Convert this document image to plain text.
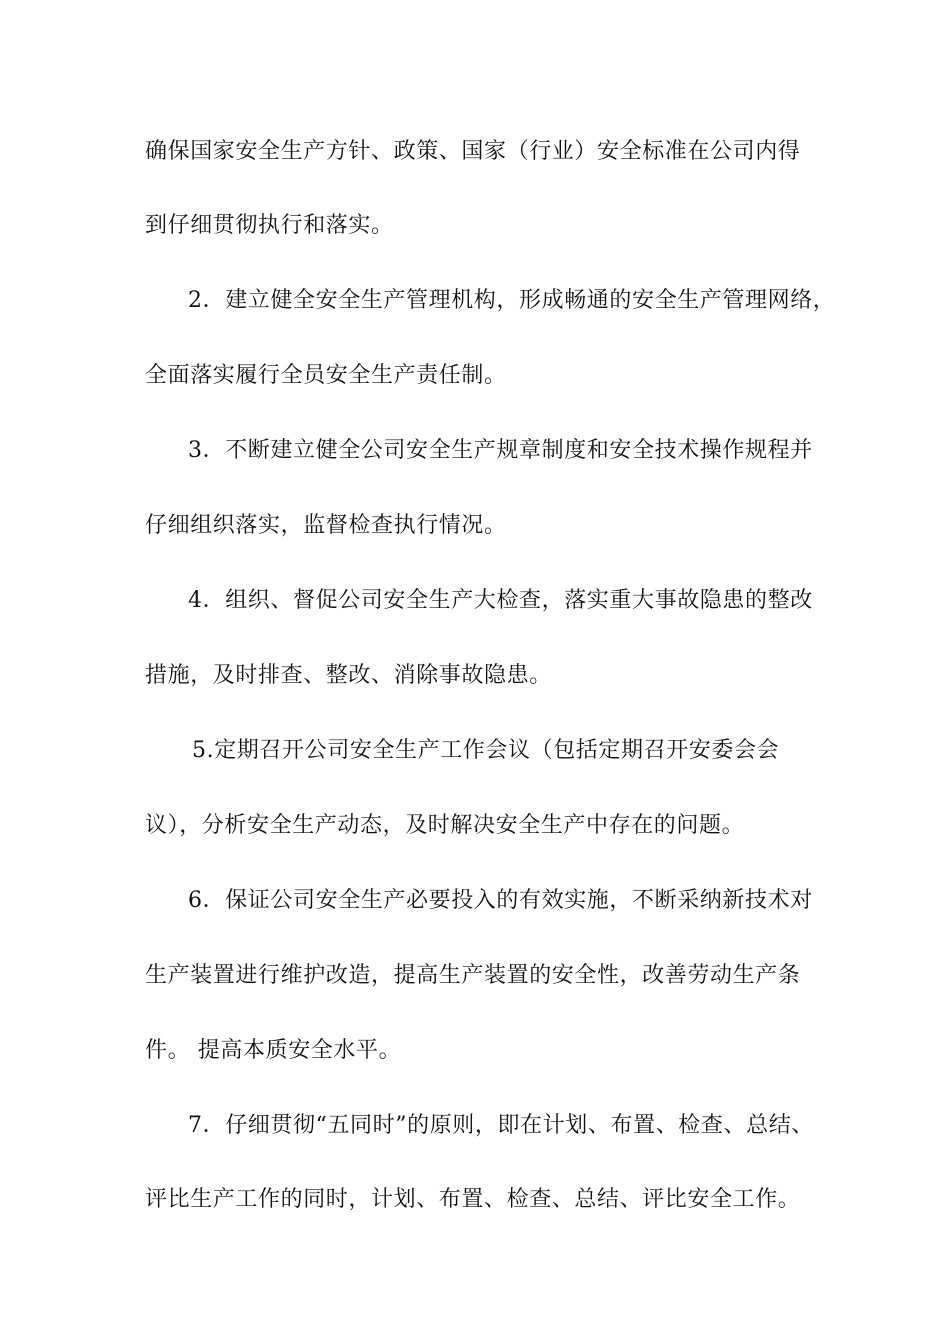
确保国家安全生产方针、政策、国家（行业）安全标准在公司内得
到仔细贯彻执行和落实。
2．建立健全安全生产管理机构，形成畅通的安全生产管理网络，
全面落实履行全员安全生产责任制。
3．不断建立健全公司安全生产规章制度和安全技术操作规程并
仔细组织落实，监督检查执行情况。
4．组织、督促公司安全生产大检查，落实重大事故隐患的整改
措施，及时排查、整改、消除事故隐患。
5.定期召开公司安全生产工作会议（包括定期召开安委会会
议），分析安全生产动态，及时解决安全生产中存在的问题。
6．保证公司安全生产必要投入的有效实施，不断采纳新技术对
生产装置进行维护改造，提高生产装置的安全性，改善劳动生产条
件。 提高本质安全水平。
7．仔细贯彻“五同时”的原则，即在计划、布置、检查、总结、
评比生产工作的同时，计划、布置、检查、总结、评比安全工作。
